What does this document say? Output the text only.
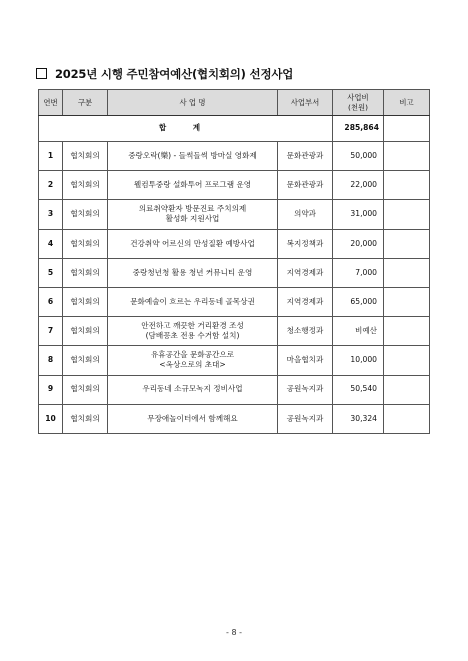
2025년 시행 주민참여예산(협치회의) 선정사업
연번	구분	사 업 명	사업부서	사업비
(천원)	비고
합 계				285,864	
1	협치회의	중랑오락(樂) - 들썩들썩 방마실 영화제	문화관광과	50,000	
2	협치회의	웰컴투중랑 설화투어 프로그램 운영	문화관광과	22,000	
3	협치회의	의료취약환자 방문진료 주치의제
활성화 지원사업	의약과	31,000	
4	협치회의	건강취약 어르신의 만성질환 예방사업	복지정책과	20,000	
5	협치회의	중랑청년청 활용 청년 커뮤니티 운영	지역경제과	7,000	
6	협치회의	문화예술이 흐르는 우리동네 골목상권	지역경제과	65,000	
7	협치회의	안전하고 깨끗한 거리환경 조성
(담배꽁초 전용 수거함 설치)	청소행정과	비예산	
8	협치회의	유휴공간을 문화공간으로
<옥상으로의 초대>	마을협치과	10,000	
9	협치회의	우리동네 소규모녹지 정비사업	공원녹지과	50,540	
10	협치회의	무장애놀이터에서 함께해요	공원녹지과	30,324	
- 8 -
